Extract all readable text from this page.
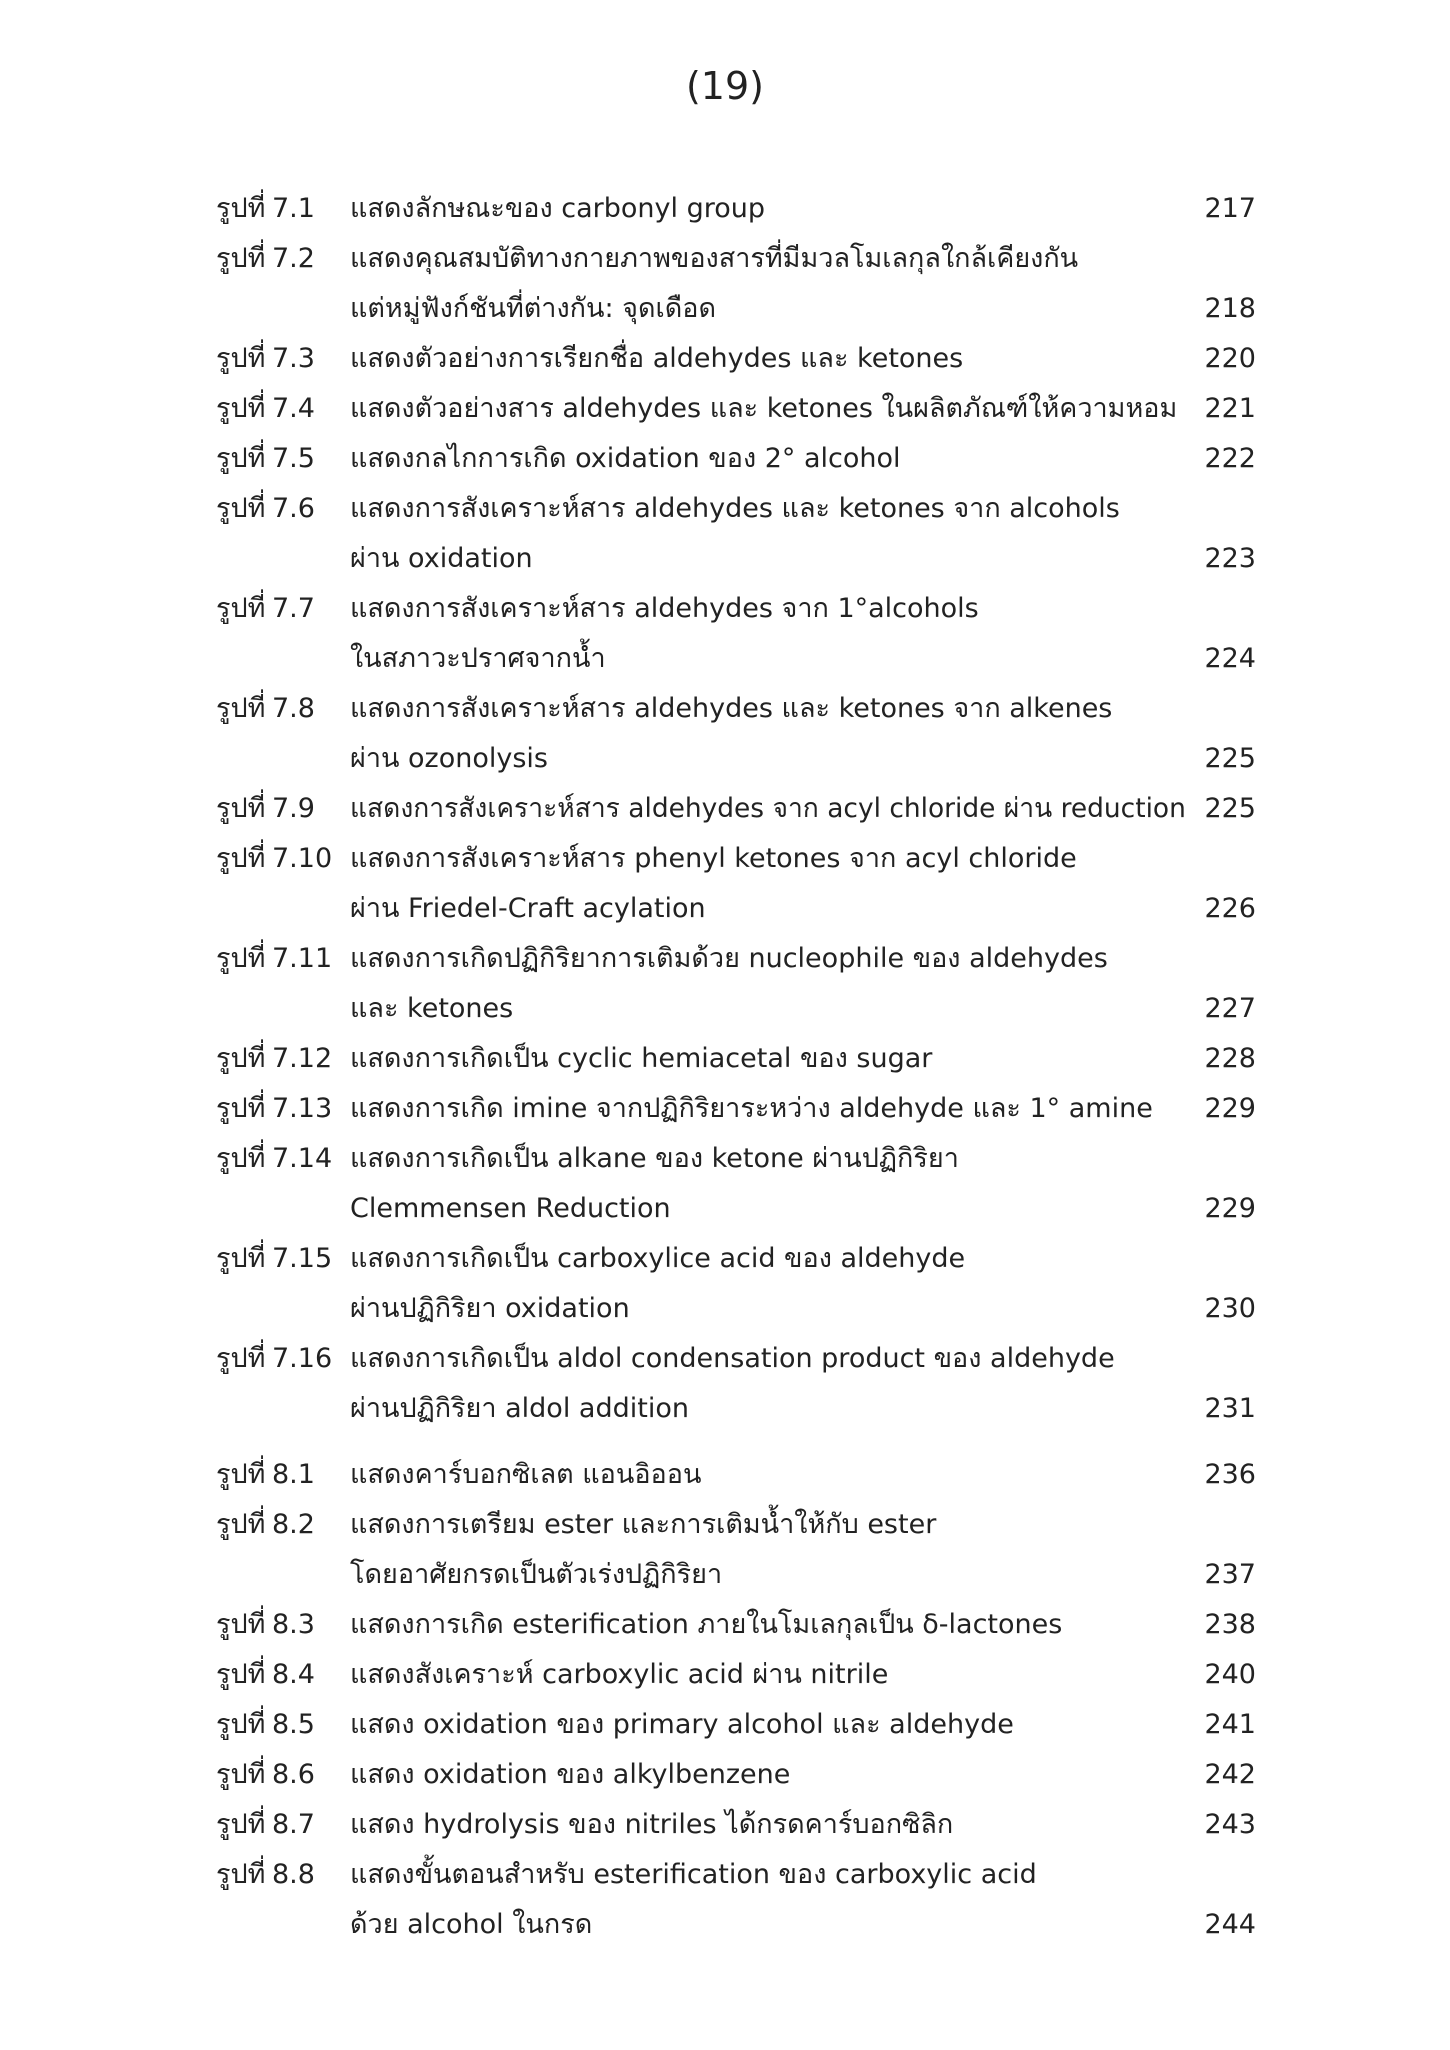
(19)
รูปที่ 7.1 แสดงลักษณะของ carbonyl group	217
รูปที่ 7.2 แสดงคุณสมบัติทางกายภาพของสารที่มีมวลโมเลกุลใกล้เคียงกัน
แต่หมู่ฟังก์ชันที่ต่างกัน: จุดเดือด	218
รูปที่ 7.3 แสดงตัวอย่างการเรียกชื่อ aldehydes และ ketones	220
รูปที่ 7.4 แสดงตัวอย่างสาร aldehydes และ ketones ในผลิตภัณฑ์ให้ความหอม 221
รูปที่ 7.5 แสดงกลไกการเกิด oxidation ของ 2° alcohol	222
รูปที่ 7.6 แสดงการสังเคราะห์สาร aldehydes และ ketones จาก alcohols
ผ่าน oxidation	223
รูปที่ 7.7 แสดงการสังเคราะห์สาร aldehydes จาก 1°alcohols
ในสภาวะปราศจากน้ำ	224
รูปที่ 7.8 แสดงการสังเคราะห์สาร aldehydes และ ketones จาก alkenes
ผ่าน ozonolysis	225
รูปที่ 7.9 แสดงการสังเคราะห์สาร aldehydes จาก acyl chloride ผ่าน reduction 225
รูปที่ 7.10 แสดงการสังเคราะห์สาร phenyl ketones จาก acyl chloride
ผ่าน Friedel-Craft acylation	226
รูปที่ 7.11 แสดงการเกิดปฏิกิริยาการเติมด้วย nucleophile ของ aldehydes
และ ketones	227
รูปที่ 7.12 แสดงการเกิดเป็น cyclic hemiacetal ของ sugar	228
รูปที่ 7.13 แสดงการเกิด imine จากปฏิกิริยาระหว่าง aldehyde และ 1° amine 229
รูปที่ 7.14 แสดงการเกิดเป็น alkane ของ ketone ผ่านปฏิกิริยา
Clemmensen Reduction	229
รูปที่ 7.15 แสดงการเกิดเป็น carboxylice acid ของ aldehyde
ผ่านปฏิกิริยา oxidation	230
รูปที่ 7.16 แสดงการเกิดเป็น aldol condensation product ของ aldehyde
ผ่านปฏิกิริยา aldol addition	231
รูปที่ 8.1 แสดงคาร์บอกซิเลต แอนอิออน	236
รูปที่ 8.2 แสดงการเตรียม ester และการเติมน้ำให้กับ ester
โดยอาศัยกรดเป็นตัวเร่งปฏิกิริยา	237
รูปที่ 8.3 แสดงการเกิด esterification ภายในโมเลกุลเป็น δ-lactones	238
รูปที่ 8.4 แสดงสังเคราะห์ carboxylic acid ผ่าน nitrile	240
รูปที่ 8.5 แสดง oxidation ของ primary alcohol และ aldehyde	241
รูปที่ 8.6 แสดง oxidation ของ alkylbenzene	242
รูปที่ 8.7 แสดง hydrolysis ของ nitriles ได้กรดคาร์บอกซิลิก	243
รูปที่ 8.8 แสดงขั้นตอนสำหรับ esterification ของ carboxylic acid
ด้วย alcohol ในกรด	244
